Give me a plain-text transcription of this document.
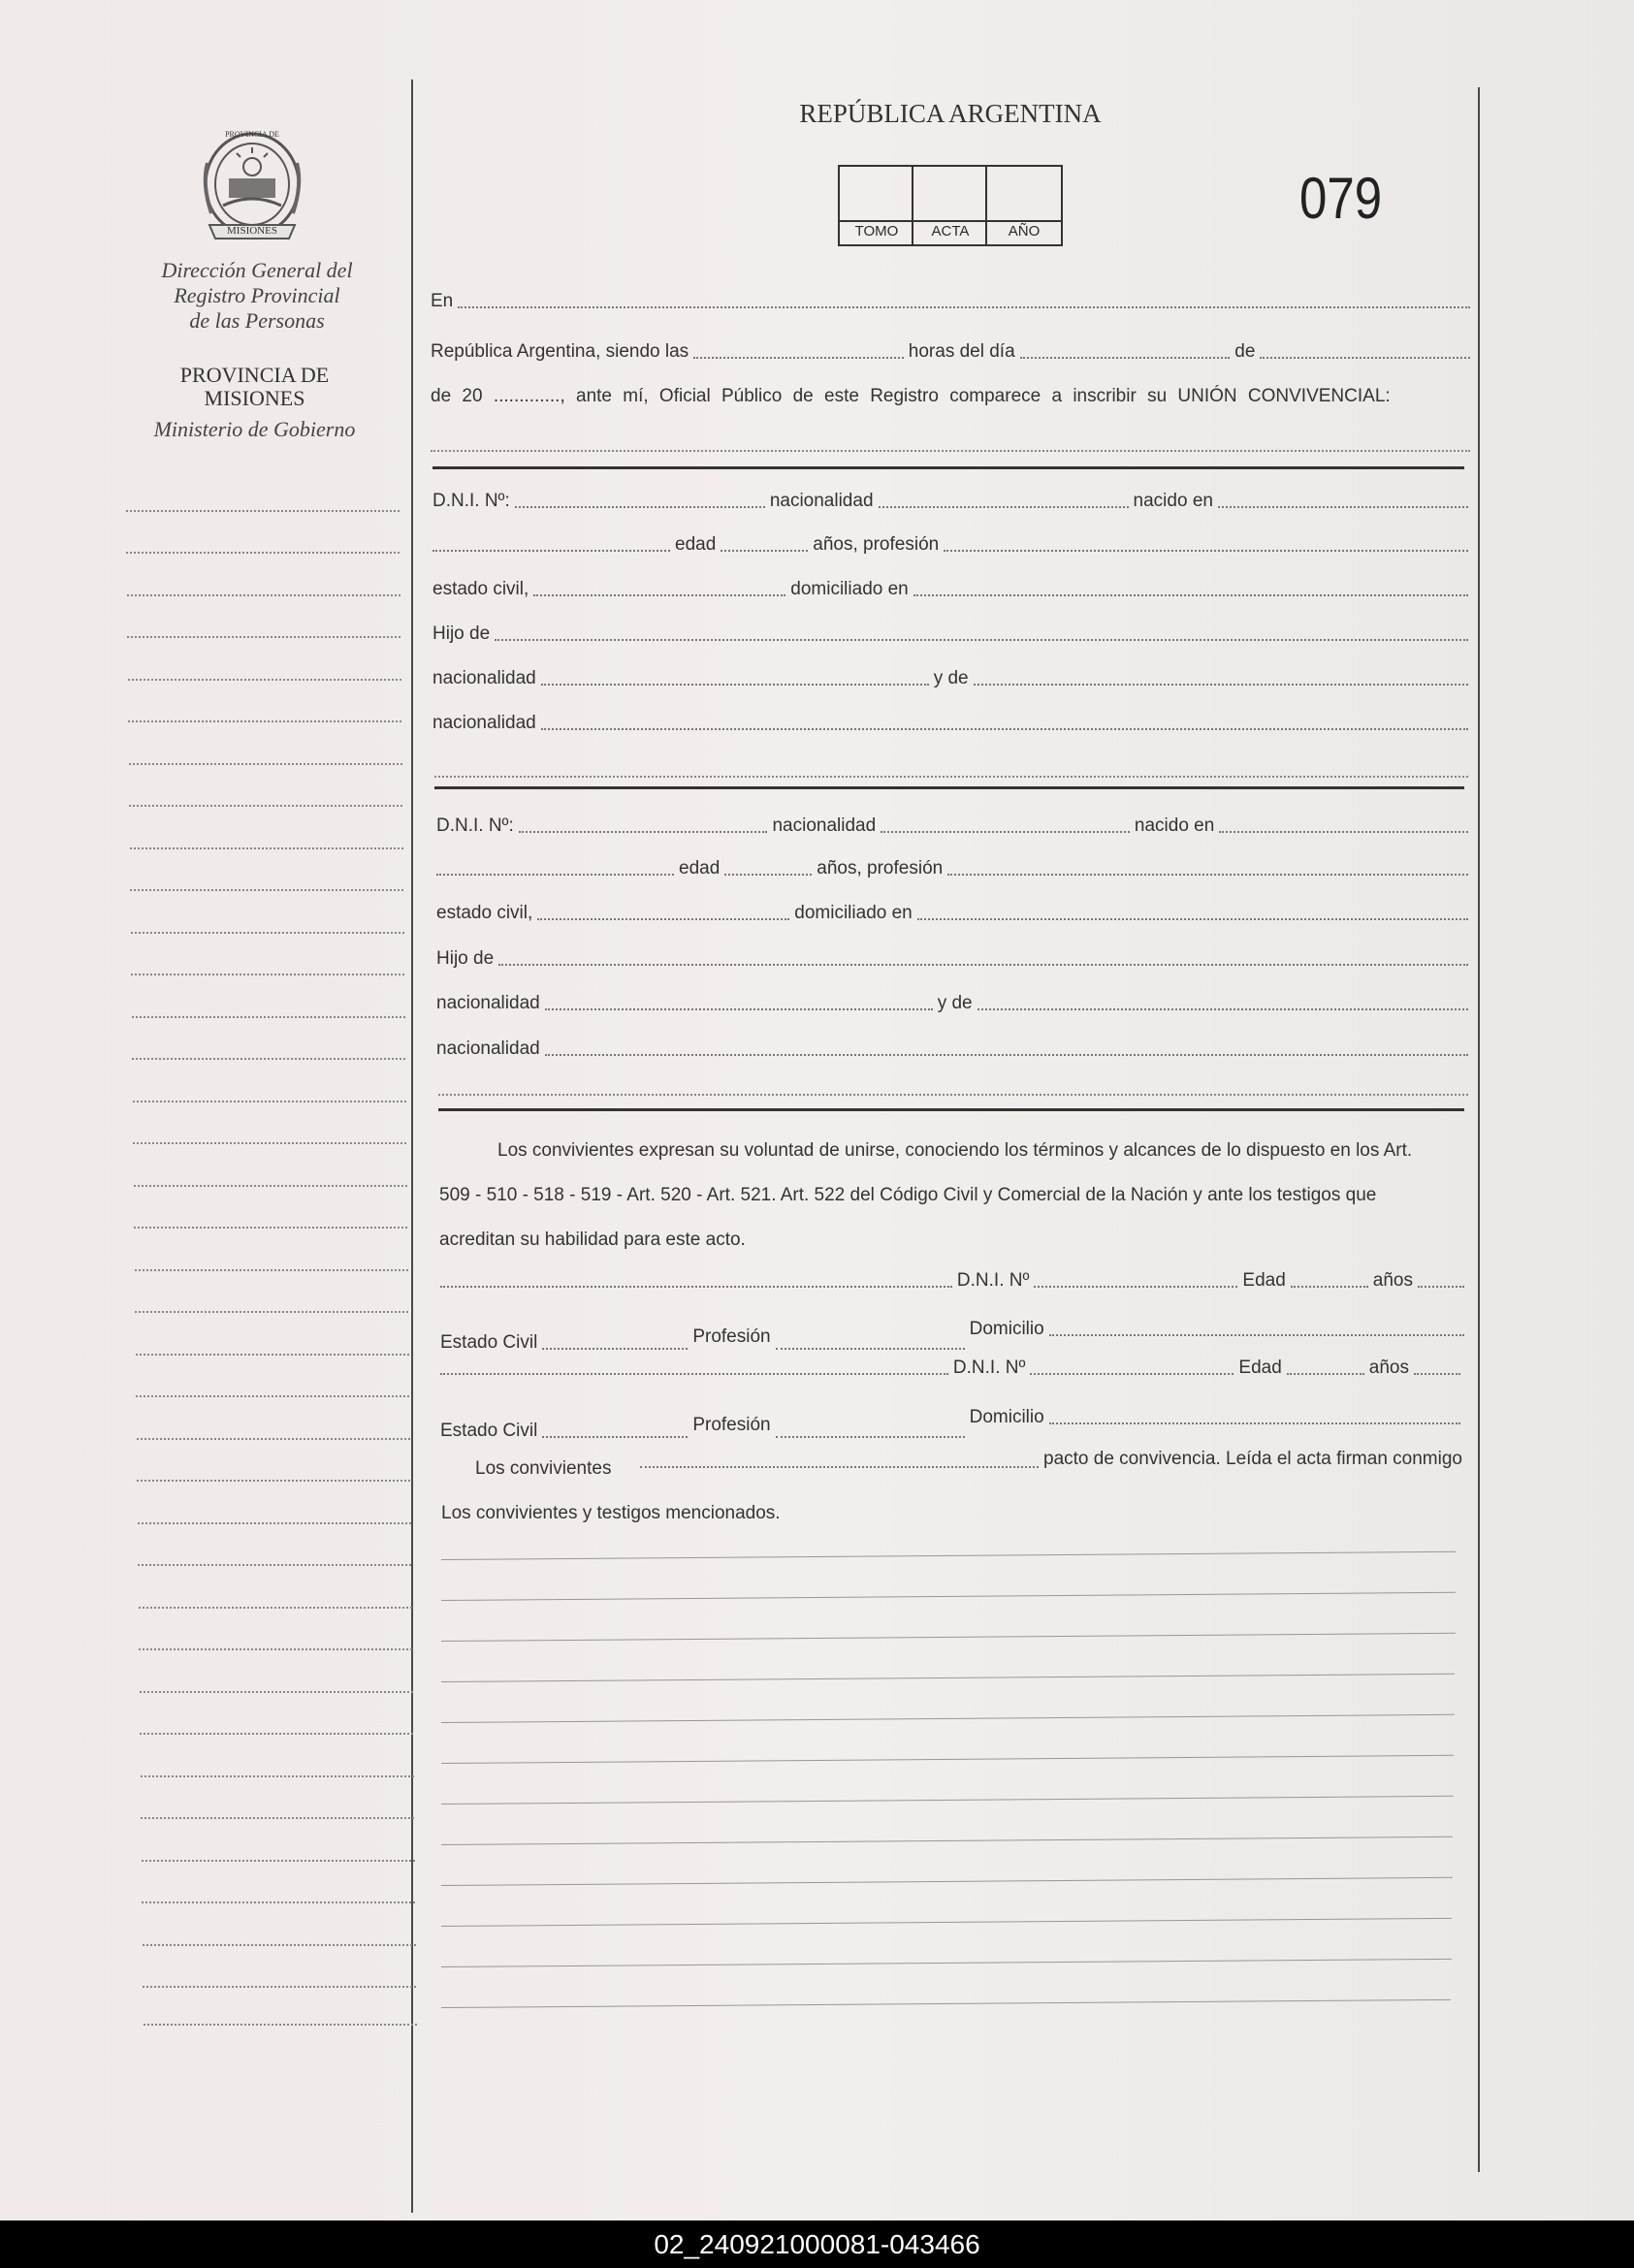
MISIONES
PROVINCIA DE
Dirección General del
Registro Provincial
de las Personas
PROVINCIA DE
MISIONES
Ministerio de Gobierno
REPÚBLICA ARGENTINA
TOMO	ACTA	AÑO
079
En
República Argentina, siendo las	horas del día	de
de 20 ............., ante mí, Oficial Público de este Registro comparece a inscribir su UNIÓN CONVIVENCIAL:
D.N.I. Nº:	nacionalidad	nacido en
edad	años, profesión
estado civil,	domiciliado en
Hijo de
nacionalidad	y de
nacionalidad
D.N.I. Nº:	nacionalidad	nacido en
edad	años, profesión
estado civil,	domiciliado en
Hijo de
nacionalidad	y de
nacionalidad
Los convivientes expresan su voluntad de unirse, conociendo los términos y alcances de lo dispuesto en los Art.
509 - 510 - 518 - 519 - Art. 520 - Art. 521. Art. 522 del Código Civil y Comercial de la Nación y ante los testigos que
acreditan su habilidad para este acto.
D.N.I. Nº	Edad	años
Estado Civil	Profesión	Domicilio
D.N.I. Nº	Edad	años
Estado Civil	Profesión	Domicilio
Los convivientes	pacto de convivencia. Leída el acta firman conmigo
Los convivientes y testigos mencionados.
02_240921000081-043466
